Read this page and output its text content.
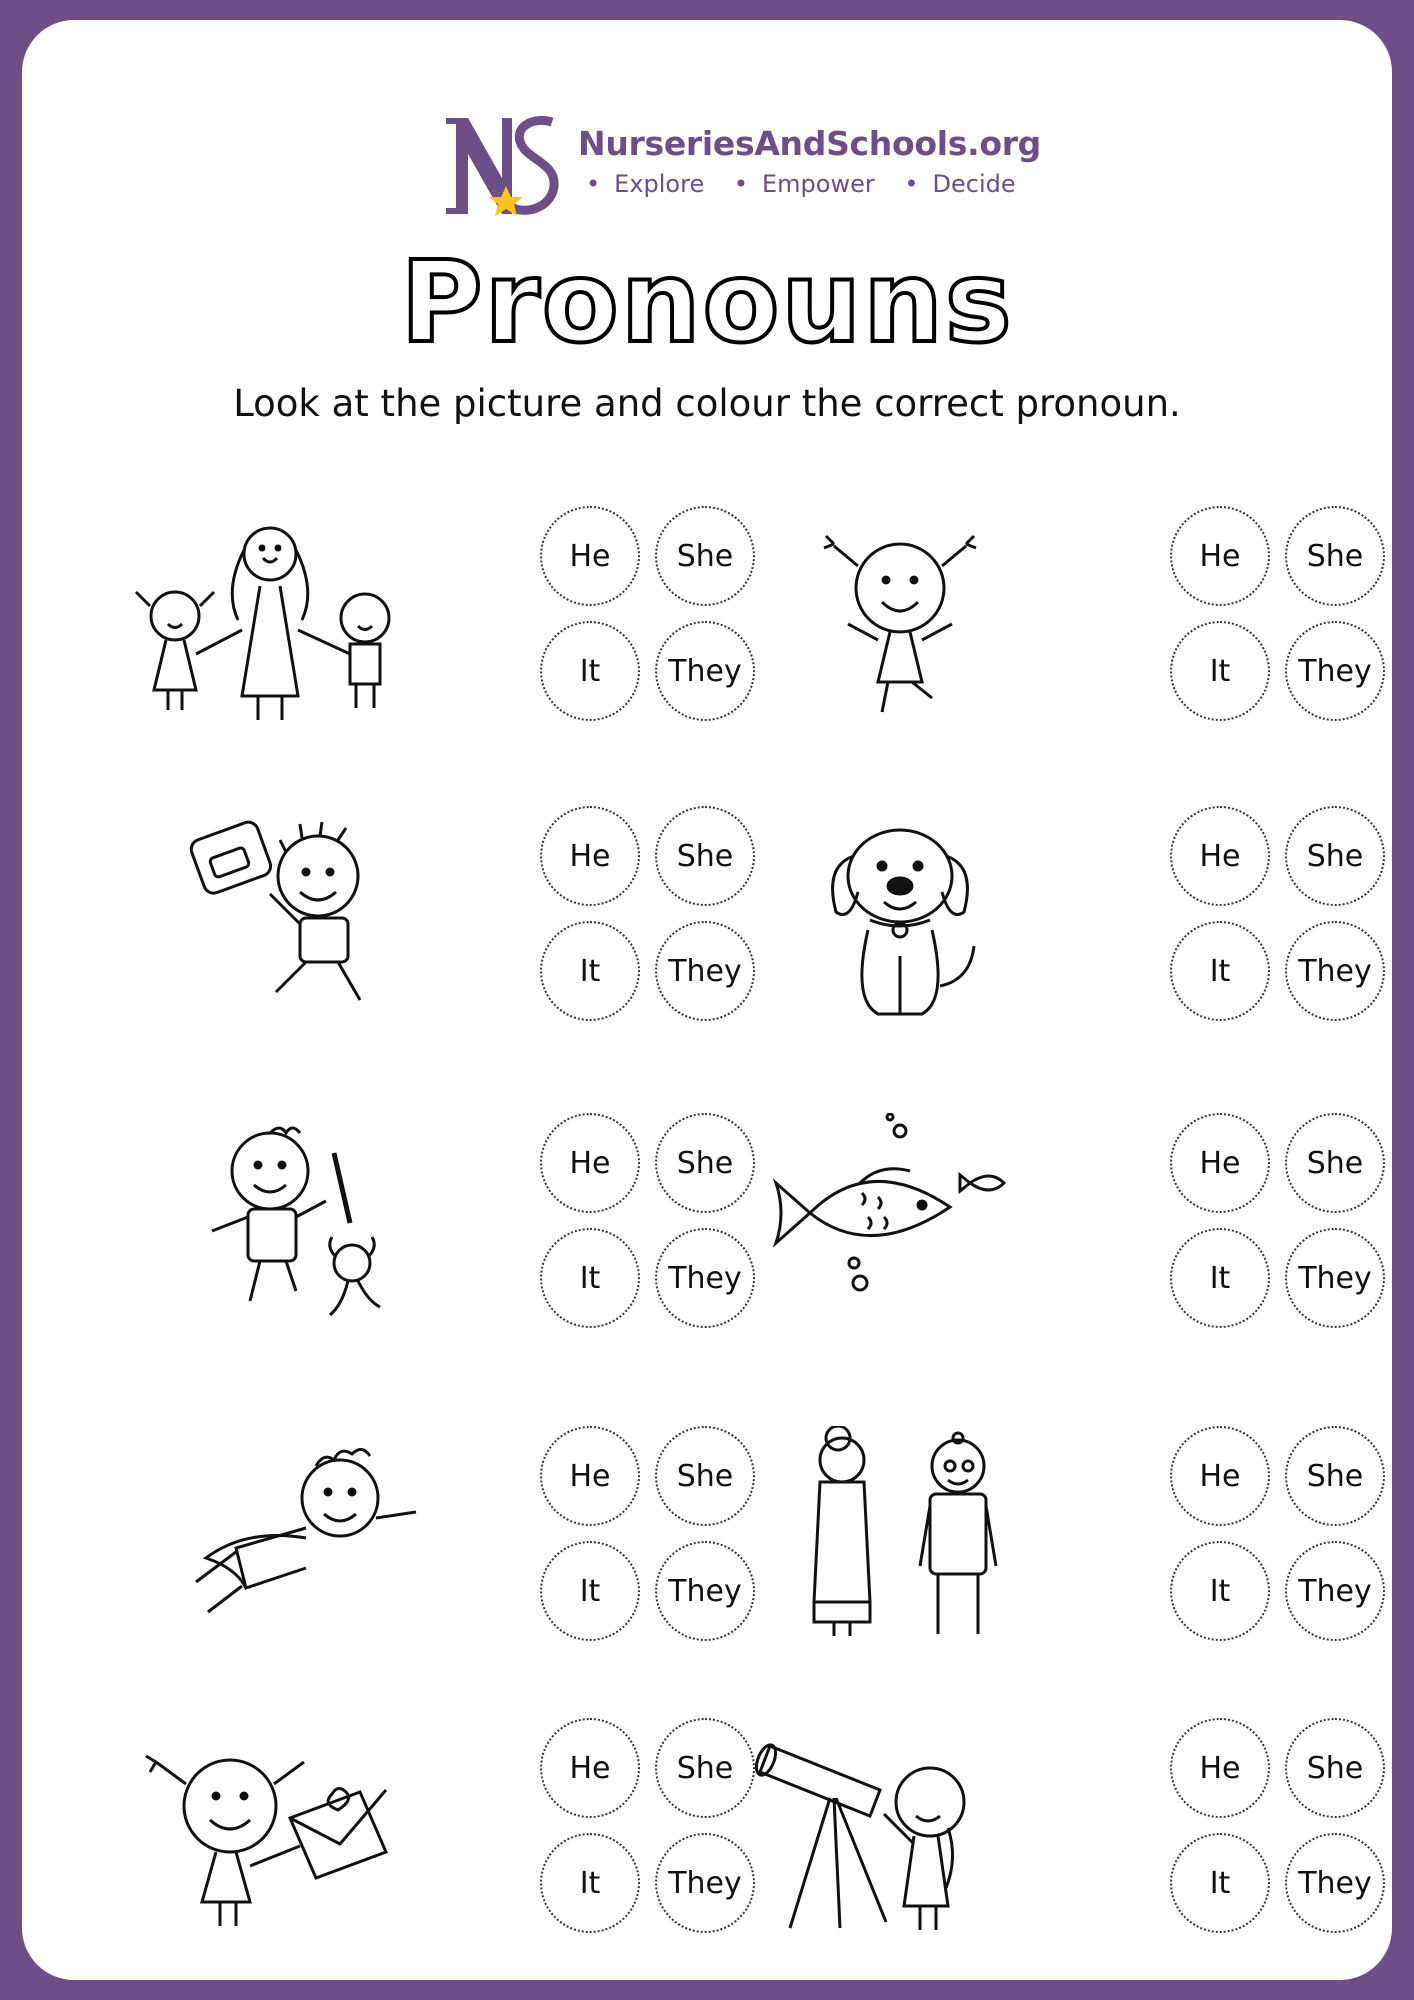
NurseriesAndSchools.org
• Explore • Empower • Decide
Pronouns
Look at the picture and colour the correct pronoun.
He	She
It	They
He	She
It	They
He	She
It	They
He	She
It	They
He	She
It	They
He	She
It	They
He	She
It	They
He	She
It	They
He	She
It	They
He	She
It	They
